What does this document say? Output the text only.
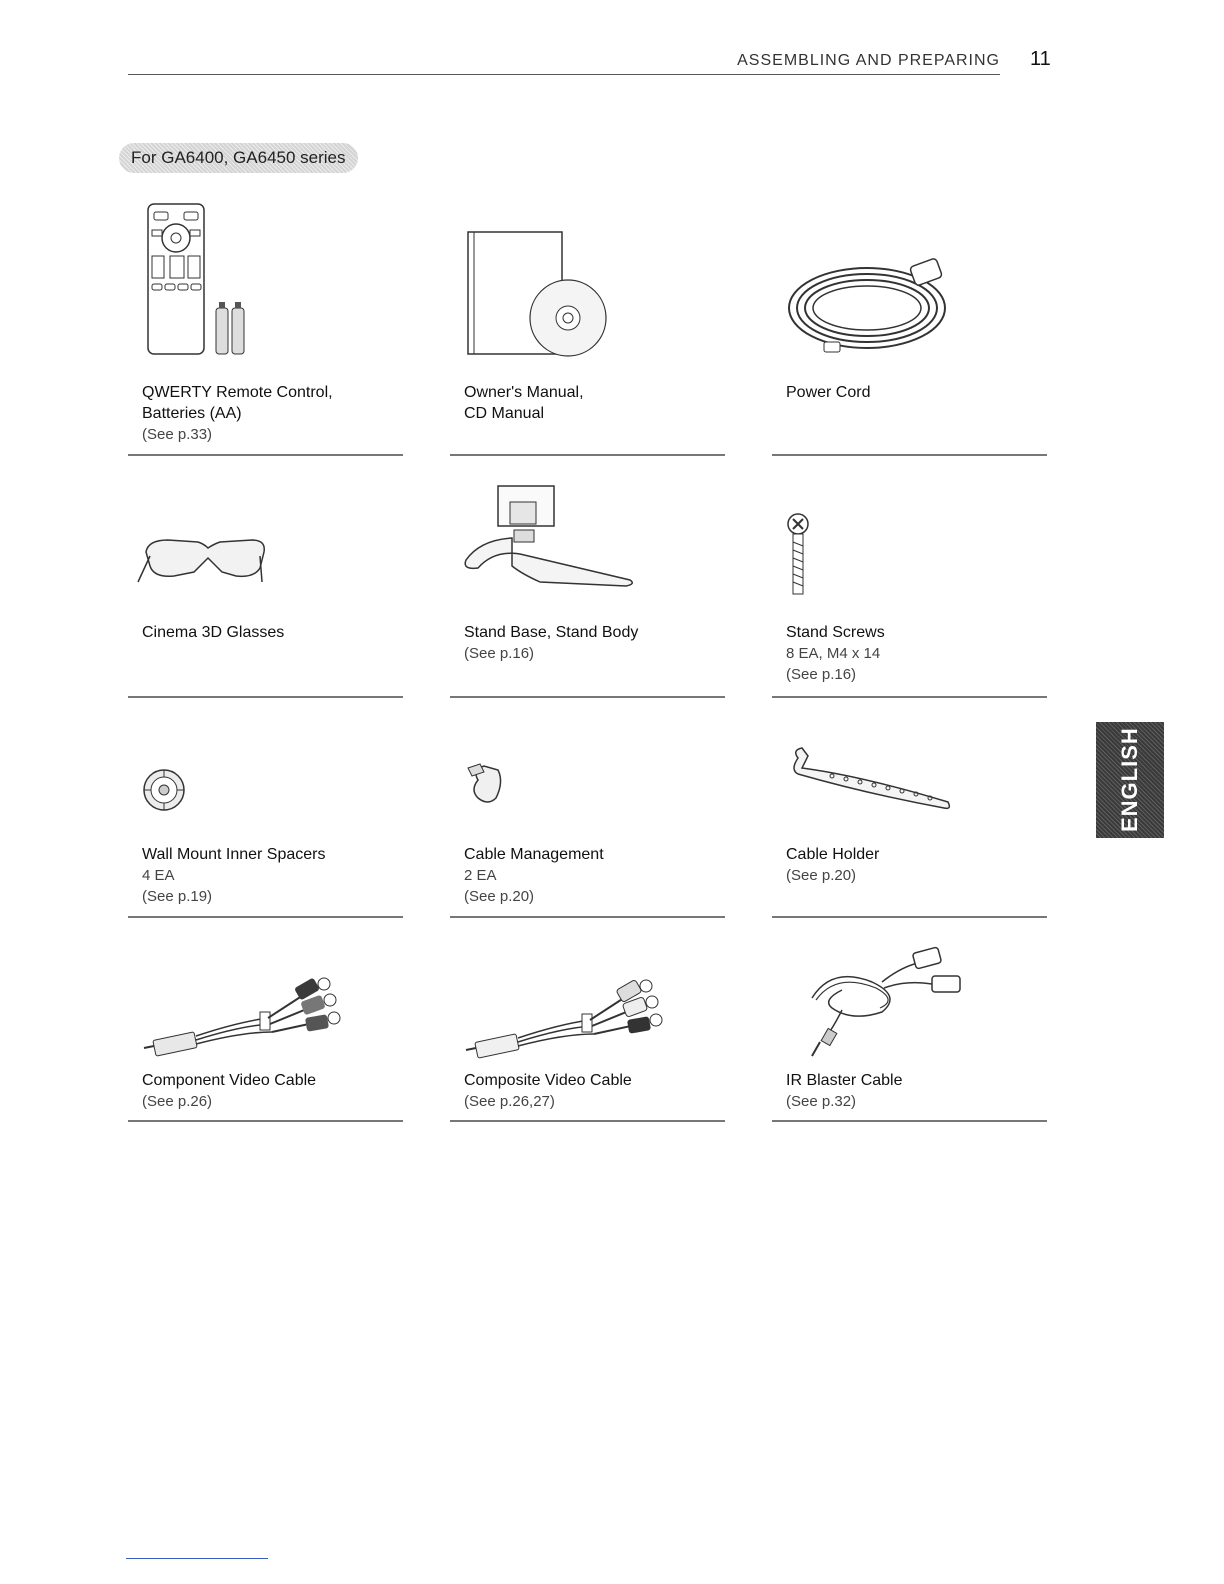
ASSEMBLING AND PREPARING 11
For GA6400, GA6450 series
ENGLISH
QWERTY Remote Control,
Batteries (AA)
(See p.33)
Owner's Manual,
CD Manual
Power Cord
Cinema 3D Glasses	Stand Base, Stand Body
(See p.16)
Stand Screws
8 EA, M4 x 14
(See p.16)
Wall Mount Inner Spacers
4 EA
(See p.19)
Cable Management
2 EA
(See p.20)
Cable Holder
(See p.20)
Component Video Cable
(See p.26)
Composite Video Cable
(See p.26,27)
IR Blaster Cable
(See p.32)
